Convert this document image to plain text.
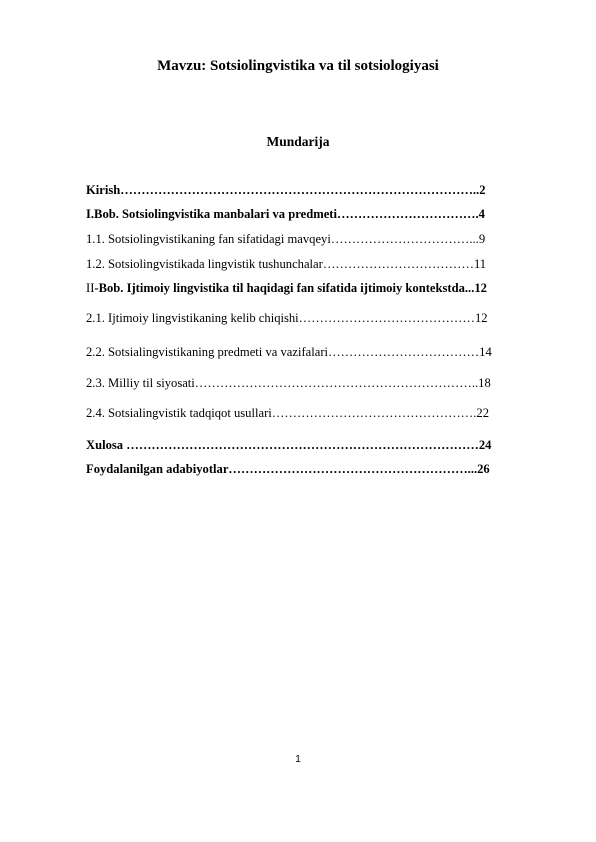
Mavzu: Sotsiolingvistika va til sotsiologiyasi
Mundarija
Kirish…………………………………………………………………………..2
I.Bob. Sotsiolingvistika manbalari va predmeti…………………………….4
1.1. Sotsiolingvistikaning fan sifatidagi mavqeyi……………………………...9
1.2. Sotsiolingvistikada lingvistik tushunchalar………………………………11
II-Bob. Ijtimoiy lingvistika til haqidagi fan sifatida ijtimoiy kontekstda...12
2.1. Ijtimoiy lingvistikaning kelib chiqishi……………………………………12
2.2. Sotsialingvistikaning predmeti va vazifalari………………………………14
2.3. Milliy til siyosati…………………………………………………………..18
2.4. Sotsialingvistik tadqiqot usullari………………………………………….22
Xulosa …………………………………………………………………………24
Foydalanilgan adabiyotlar…………………………………………………...26
1
